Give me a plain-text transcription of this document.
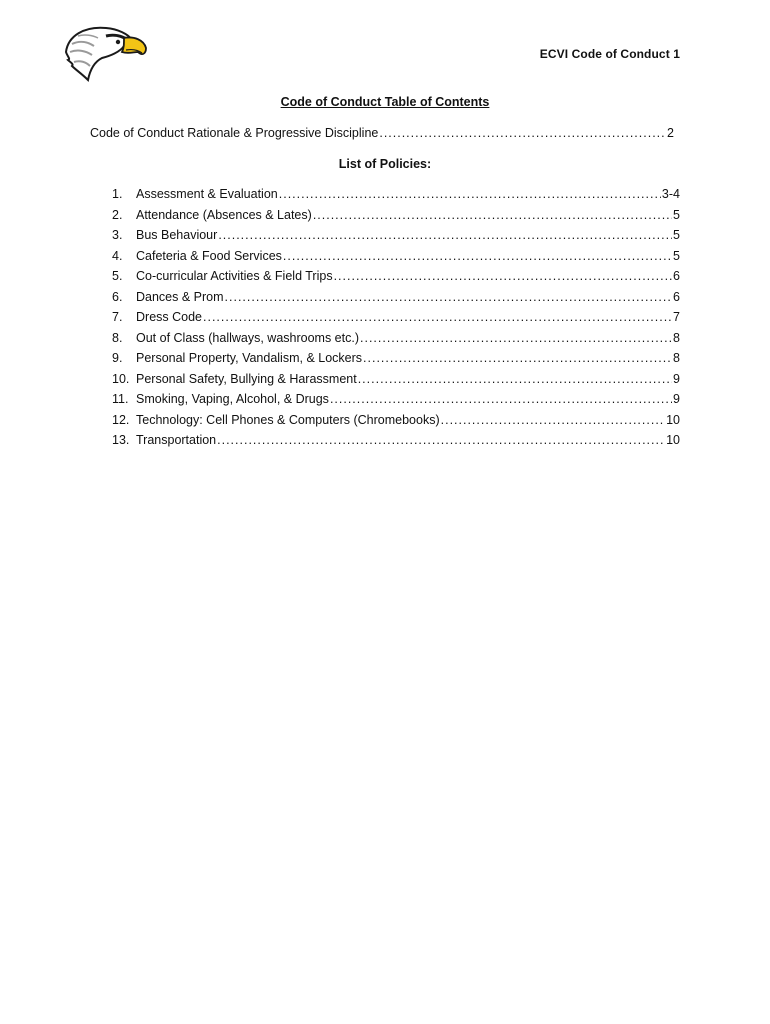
ECVI Code of Conduct 1
Code of Conduct Table of Contents
Code of Conduct Rationale & Progressive Discipline .....	2
List of Policies:
1.	Assessment & Evaluation .....	3-4
2.	Attendance (Absences & Lates) .....	5
3.	Bus Behaviour .....	5
4.	Cafeteria & Food Services .....	5
5.	Co-curricular Activities & Field Trips .....	6
6.	Dances & Prom .....	6
7.	Dress Code .....	7
8.	Out of Class (hallways, washrooms etc.) .....	8
9.	Personal Property, Vandalism, & Lockers .....	8
10. Personal Safety, Bullying & Harassment .....	9
11. Smoking, Vaping, Alcohol, & Drugs .....	9
12. Technology: Cell Phones & Computers (Chromebooks) .....	10
13. Transportation .....	10
